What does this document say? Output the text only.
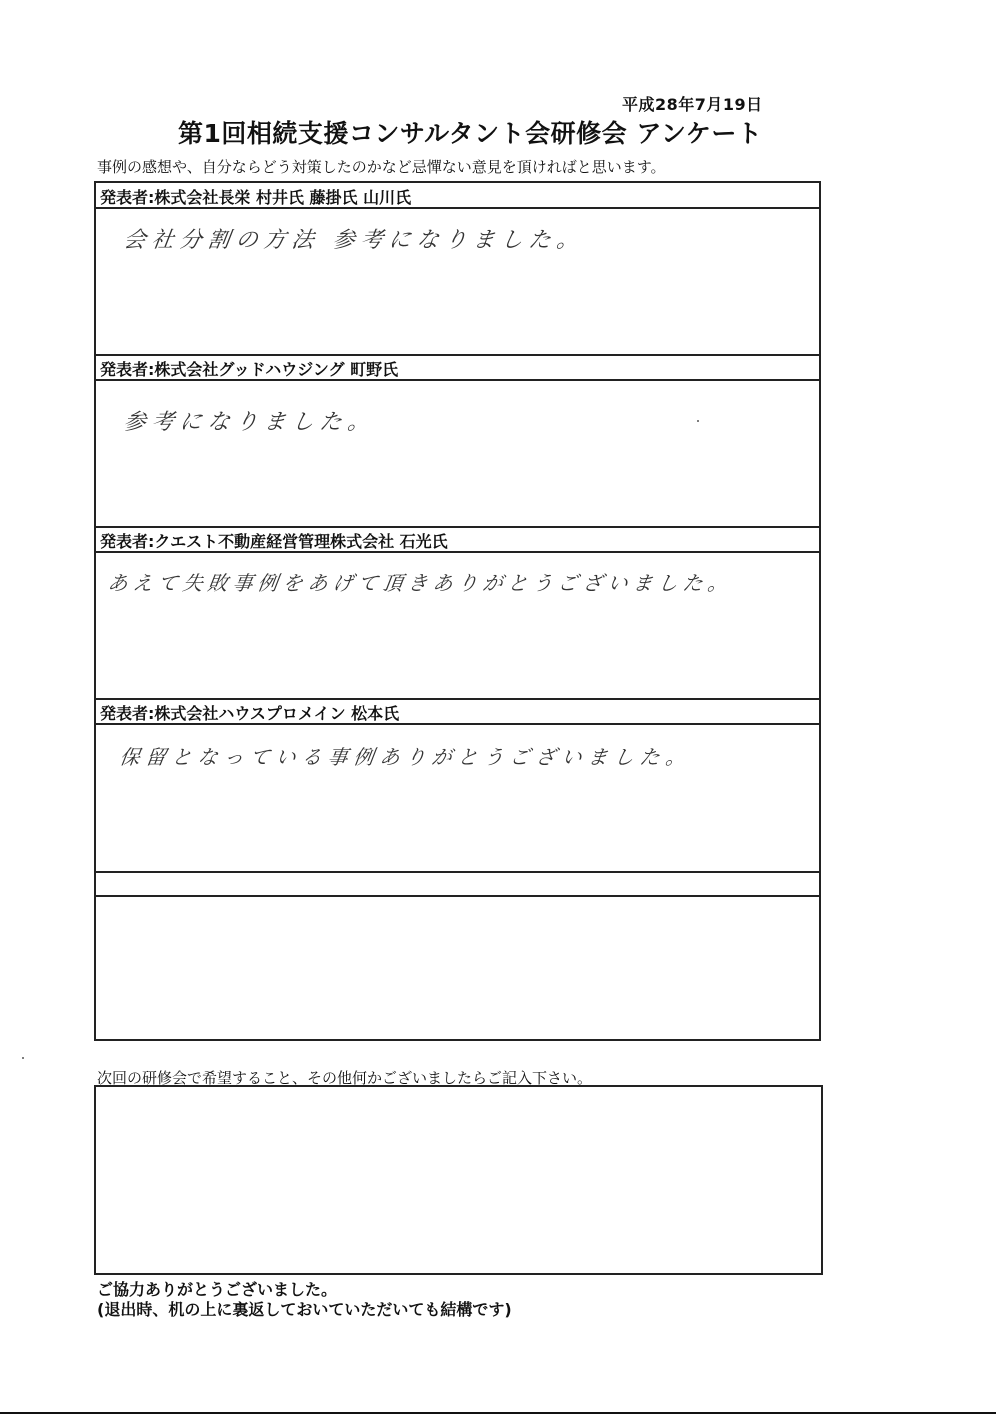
平成28年7月19日
第1回相続支援コンサルタント会研修会 アンケート
事例の感想や、自分ならどう対策したのかなど忌憚ない意見を頂ければと思います。
発表者:株式会社長栄 村井氏 藤掛氏 山川氏
会社分割の方法 参考になりました。
発表者:株式会社グッドハウジング 町野氏
参考になりました。
発表者:クエスト不動産経営管理株式会社 石光氏
あえて失敗事例をあげて頂きありがとうございました。
発表者:株式会社ハウスプロメイン 松本氏
保留となっている事例ありがとうございました。
次回の研修会で希望すること、その他何かございましたらご記入下さい。
ご協力ありがとうございました。
(退出時、机の上に裏返しておいていただいても結構です)
